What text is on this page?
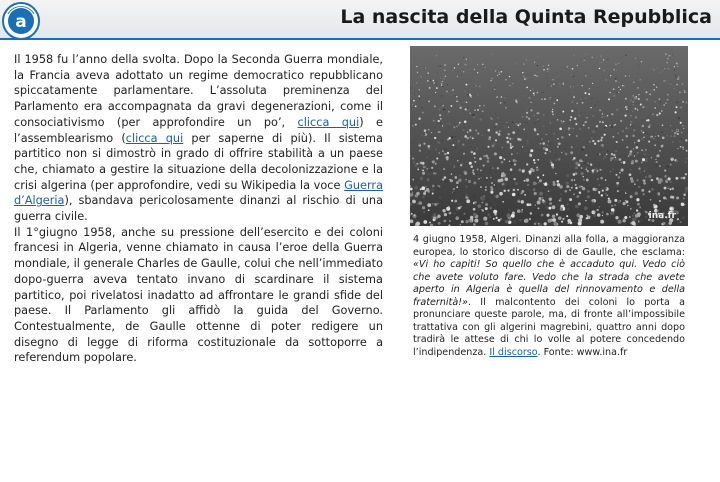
a	La nascita della Quinta Repubblica

Il 1958 fu l’anno della svolta. Dopo la Seconda Guerra mondiale, la Francia aveva adottato un regime democratico repubblicano spiccatamente parlamentare. L’assoluta preminenza del Parlamento era accompagnata da gravi degenerazioni, come il consociativismo (per approfondire un po’, clicca qui) e l’assemblearismo (clicca qui per saperne di più). Il sistema partitico non si dimostrò in grado di offrire stabilità a un paese che, chiamato a gestire la situazione della decolonizzazione e la crisi algerina (per approfondire, vedi su Wikipedia la voce Guerra d’Algeria), sbandava pericolosamente dinanzi al rischio di una guerra civile.

Il 1°giugno 1958, anche su pressione dell’esercito e dei coloni francesi in Algeria, venne chiamato in causa l’eroe della Guerra mondiale, il generale Charles de Gaulle, colui che nell’immediato dopo-guerra aveva tentato invano di scardinare il sistema partitico, poi rivelatosi inadatto ad affrontare le grandi sfide del paese. Il Parlamento gli affidò la guida del Governo. Contestualmente, de Gaulle ottenne di poter redigere un disegno di legge di riforma costituzionale da sottoporre a referendum popolare.

ina.fr

4 giugno 1958, Algeri. Dinanzi alla folla, a maggioranza europea, lo storico discorso di de Gaulle, che esclama: «Vi ho capiti! So quello che è accaduto qui. Vedo ciò che avete voluto fare. Vedo che la strada che avete aperto in Algeria è quella del rinnovamento e della fraternità!». Il malcontento dei coloni lo porta a pronunciare queste parole, ma, di fronte all’impossibile trattativa con gli algerini magrebini, quattro anni dopo tradirà le attese di chi lo volle al potere concedendo l’indipendenza. Il discorso. Fonte: www.ina.fr
